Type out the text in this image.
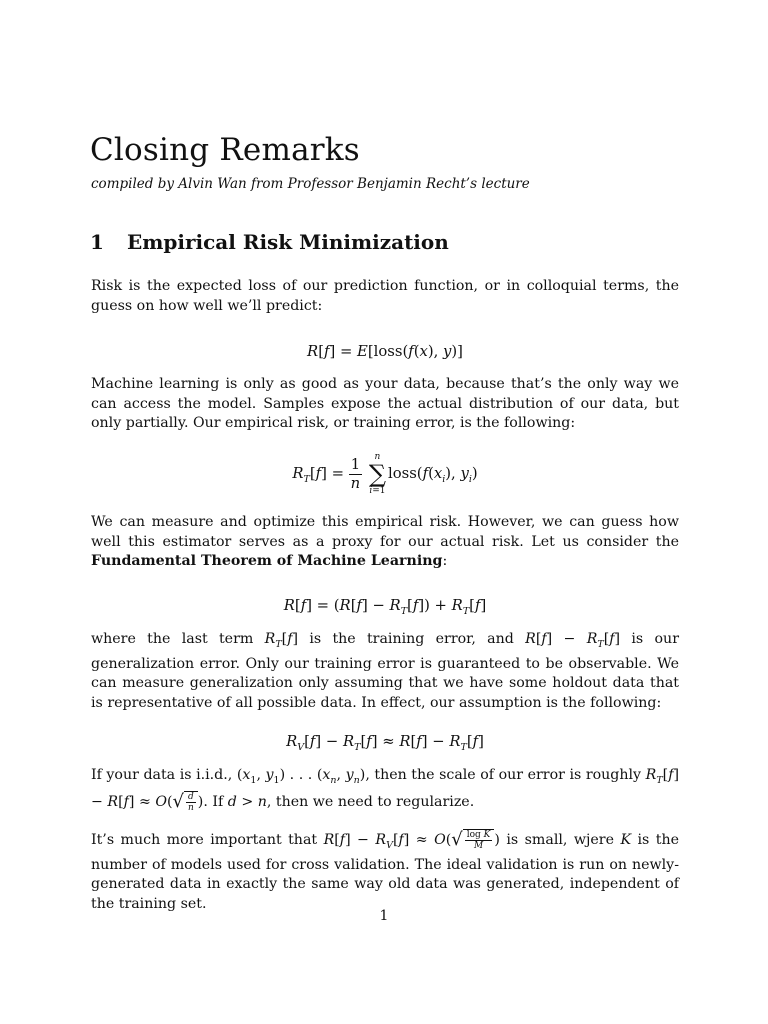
Closing Remarks

compiled by Alvin Wan from Professor Benjamin Recht’s lecture

1 Empirical Risk Minimization

Risk is the expected loss of our prediction function, or in colloquial terms, the guess on how well we’ll predict:

R[f] = E[loss(f(x), y)]

Machine learning is only as good as your data, because that’s the only way we can access the model. Samples expose the actual distribution of our data, but only partially. Our empirical risk, or training error, is the following:

$R_T[f] = \frac{1}{n}$
	n
∑
i=1
$loss(f(x_i)$, $y_i$)

We can measure and optimize this empirical risk. However, we can guess how well this estimator serves as a proxy for our actual risk. Let us consider the Fundamental Theorem of Machine Learning:

$R[f] = (R[f] - R_T[f]) + R_T[f]$

where the last term $R_T[f]$ is the training error, and $R[f] - R_T[f]$ is our generalization error. Only our training error is guaranteed to be observable. We can measure generalization only assuming that we have some holdout data that is representative of all possible data. In effect, our assumption is the following:

$R_V[f] - R_T[f] \approx R[f] - R_T[f]$

If your data is i.i.d., ($x_1$, $y_1$) . . . ($x_n$, $y_n$), then the scale of our error is roughly $R_T[f] - R[f] \approx O(√ \frac{d}{n}$ ). If d > n, then we need to regularize.

It’s much more important that $R[f] - R_V[f] \approx O(√ \frac{\text{log K}}{M}$ ) is small, wjere K is the number of models used for cross validation. The ideal validation is run on newly-generated data in exactly the same way old data was generated, independent of the training set.

1
